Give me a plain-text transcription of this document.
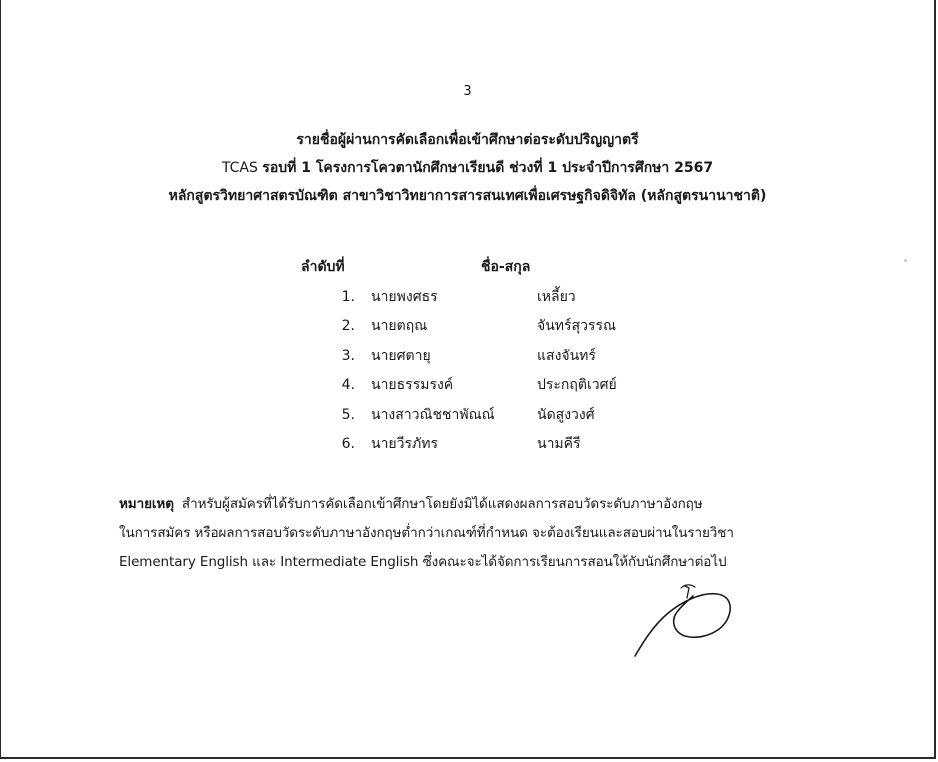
3
รายชื่อผู้ผ่านการคัดเลือกเพื่อเข้าศึกษาต่อระดับปริญญาตรี
TCAS รอบที่ 1 โครงการโควตานักศึกษาเรียนดี ช่วงที่ 1 ประจำปีการศึกษา 2567
หลักสูตรวิทยาศาสตรบัณฑิต สาขาวิชาวิทยาการสารสนเทศเพื่อเศรษฐกิจดิจิทัล (หลักสูตรนานาชาติ)
ลำดับที่	ชื่อ-สกุล
1. นายพงศธร	เหลี้ยว
2. นายตฤณ	จันทร์สุวรรณ
3. นายศตายุ	แสงจันทร์
4. นายธรรมรงค์	ประกฤติเวศย์
5. นางสาวณิชชาพัณณ์	นัดสูงวงศ์
6. นายวีรภัทร	นามคีรี
หมายเหตุ สำหรับผู้สมัครที่ได้รับการคัดเลือกเข้าศึกษาโดยยังมิได้แสดงผลการสอบวัดระดับภาษาอังกฤษ
ในการสมัคร หรือผลการสอบวัดระดับภาษาอังกฤษต่ำกว่าเกณฑ์ที่กำหนด จะต้องเรียนและสอบผ่านในรายวิชา
Elementary English และ Intermediate English ซึ่งคณะจะได้จัดการเรียนการสอนให้กับนักศึกษาต่อไป
